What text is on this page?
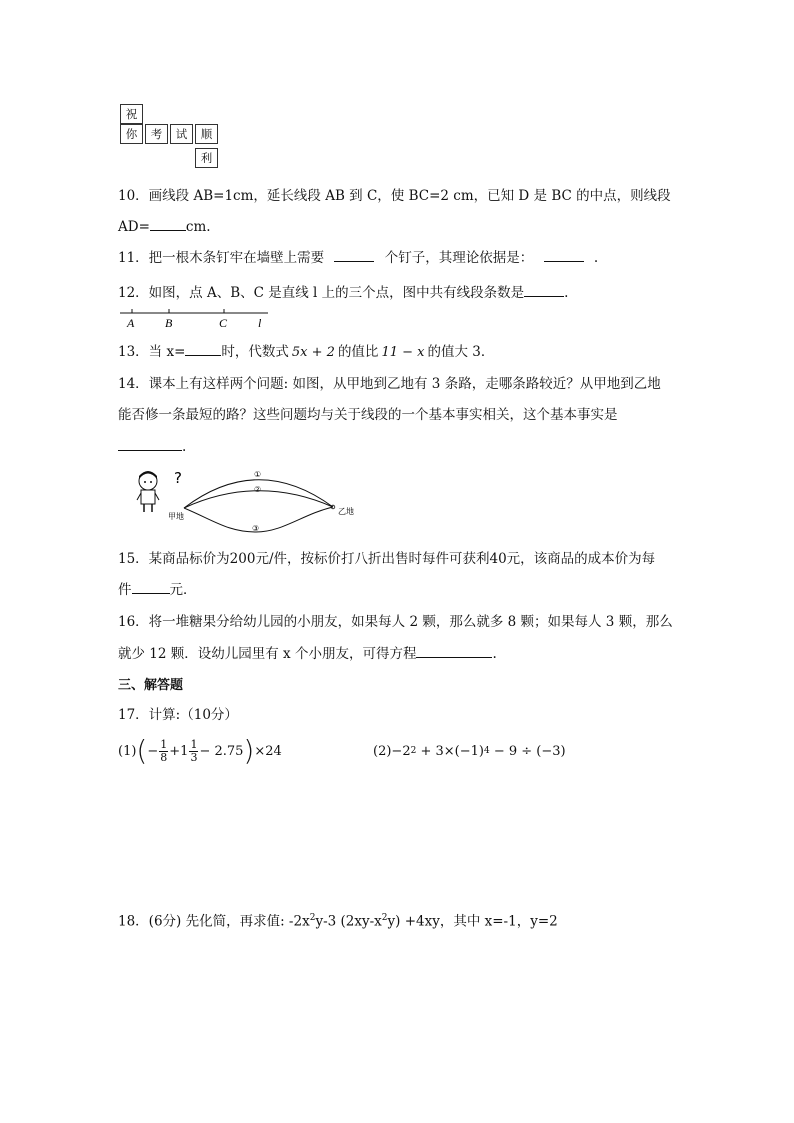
祝
你	考	试	顺
利
10．画线段 AB=1cm，延长线段 AB 到 C，使 BC=2 cm，已知 D 是 BC 的中点，则线段
AD=	cm.
11．把一根木条钉牢在墙壁上需要	个钉子，其理论依据是：	.
12．如图，点 A、B、C 是直线 l 上的三个点，图中共有线段条数是	.
A	B	C	l
13．当 x=	时，代数式 5x + 2 的值比 11 − x 的值大 3．
14．课本上有这样两个问题: 如图，从甲地到乙地有 3 条路，走哪条路较近？从甲地到乙地
能否修一条最短的路？这些问题均与关于线段的一个基本事实相关，这个基本事实是
.
?	①
②
③
甲地
乙地
15．某商品标价为200元/件，按标价打八折出售时每件可获利40元，该商品的成本价为每
件	元．
16．将一堆糖果分给幼儿园的小朋友，如果每人 2 颗，那么就多 8 颗；如果每人 3 颗，那么
就少 12 颗．设幼儿园里有 x 个小朋友，可得方程	.
三、解答题
17．计算:（10分）
(1) ( − $\frac{1}{8} +1 \frac{1}{3} - 2.75$ ) ×24	(2) −2 2 + 3×(−1) 4 − 9 ÷ (−3)
18．(6分) 先化简，再求值: $-2x^2y-3$ $(2xy-x^2y) +4xy$，其中 x=-1，y=2
